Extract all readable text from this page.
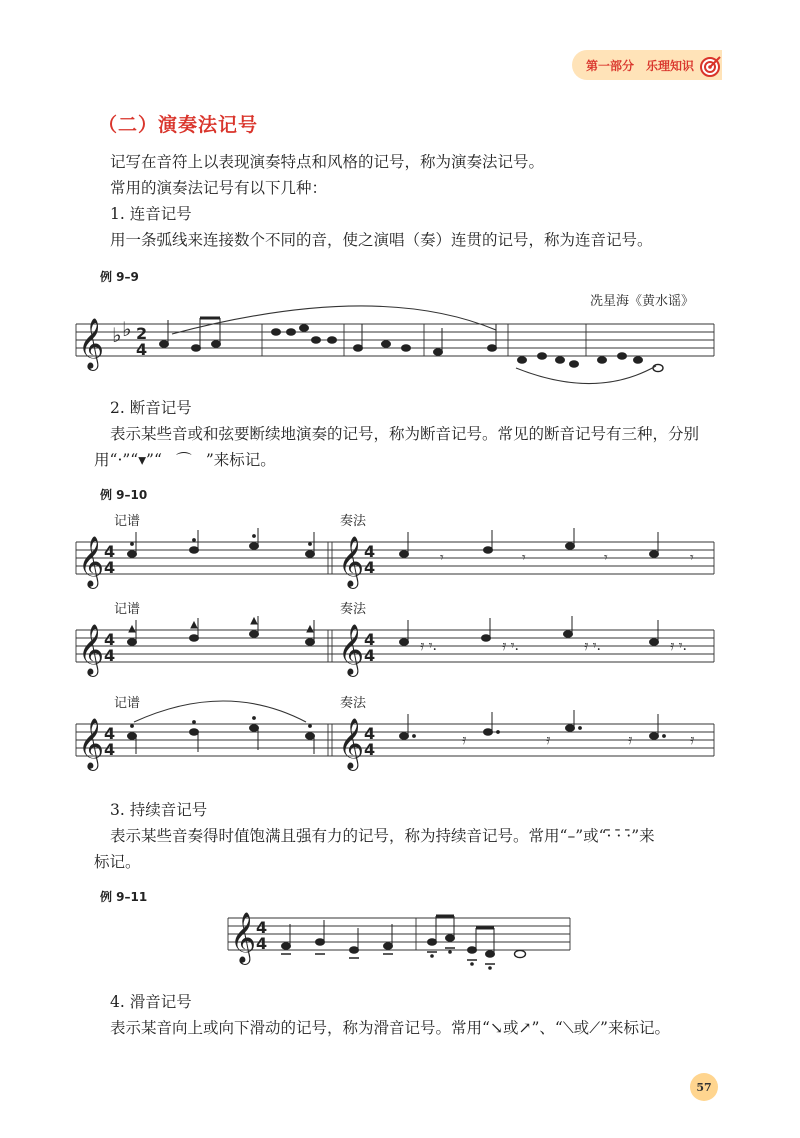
第一部分 乐理知识
（二）演奏法记号
记写在音符上以表现演奏特点和风格的记号，称为演奏法记号。
常用的演奏法记号有以下几种：
1. 连音记号
用一条弧线来连接数个不同的音，使之演唱（奏）连贯的记号，称为连音记号。
例 9–9
冼星海《黄水谣》
𝄞 ♭ ♭ 2
4
2. 断音记号
表示某些音或和弦要断续地演奏的记号，称为断音记号。常见的断音记号有三种，分别
用“·”“▾”“ ⌒ ”来标记。
例 9–10
记谱	奏法
记谱	奏法
记谱	奏法
𝄞 4
4	𝄞 4
4	𝄾	𝄾	𝄾	𝄾
𝄞 4
4	𝄞 4
4	𝄿 𝄾.	𝄿 𝄾.	𝄿 𝄾.	𝄿 𝄾.
𝄞 4
4	𝄞 4
4	𝄿	𝄿	𝄿	𝄿
3. 持续音记号
表示某些音奏得时值饱满且强有力的记号，称为持续音记号。常用“–”或“·̄ ·̄ ·̄”来
标记。
例 9–11
𝄞 4
4
4. 滑音记号
表示某音向上或向下滑动的记号，称为滑音记号。常用“↘或↗”、“⟍或⟋”来标记。
57
